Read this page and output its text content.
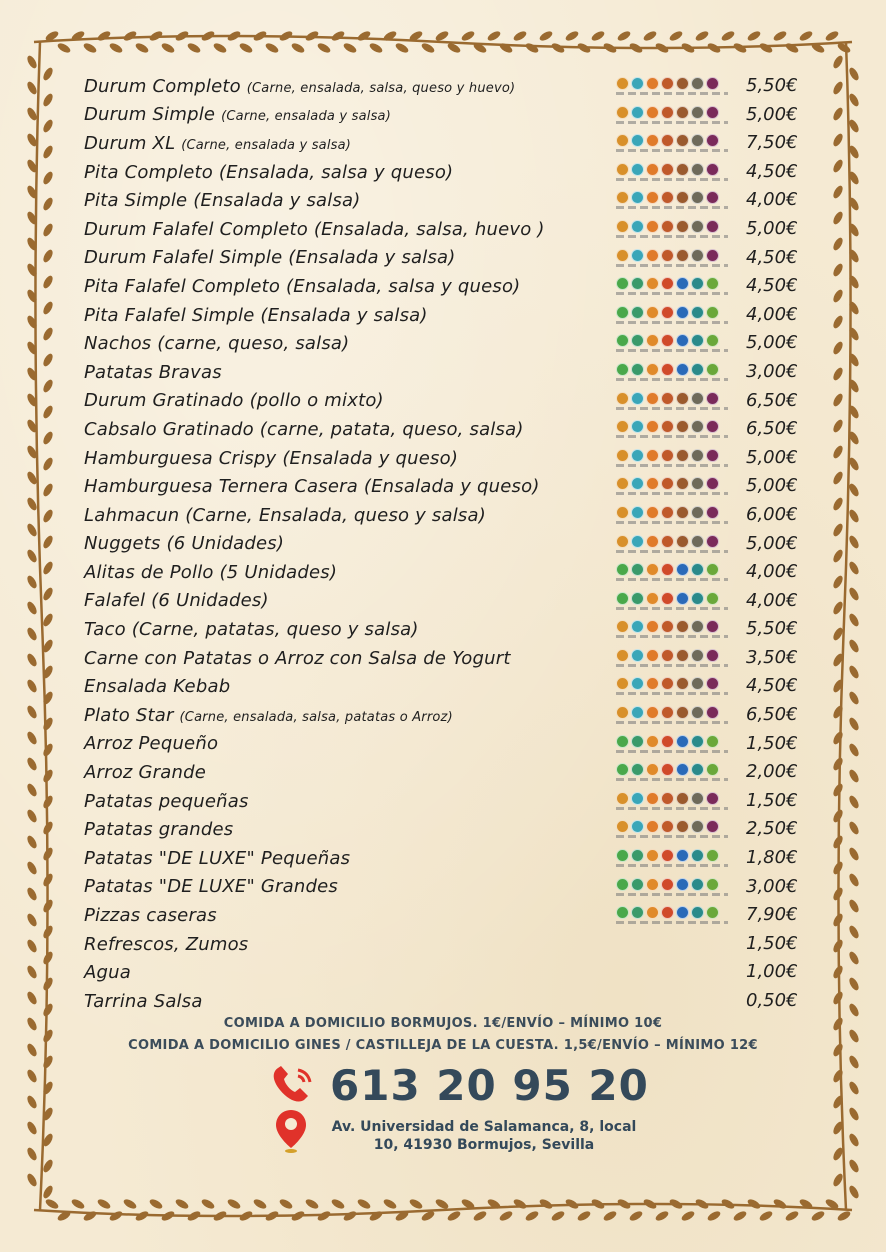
Durum Completo (Carne, ensalada, salsa, queso y huevo)	5,50€
Durum Simple (Carne, ensalada y salsa)	5,00€
Durum XL (Carne, ensalada y salsa)	7,50€
Pita Completo (Ensalada, salsa y queso)	4,50€
Pita Simple (Ensalada y salsa)	4,00€
Durum Falafel Completo (Ensalada, salsa, huevo )	5,00€
Durum Falafel Simple (Ensalada y salsa)	4,50€
Pita Falafel Completo (Ensalada, salsa y queso)	4,50€
Pita Falafel Simple (Ensalada y salsa)	4,00€
Nachos (carne, queso, salsa)	5,00€
Patatas Bravas	3,00€
Durum Gratinado (pollo o mixto)	6,50€
Cabsalo Gratinado (carne, patata, queso, salsa)	6,50€
Hamburguesa Crispy (Ensalada y queso)	5,00€
Hamburguesa Ternera Casera (Ensalada y queso)	5,00€
Lahmacun (Carne, Ensalada, queso y salsa)	6,00€
Nuggets (6 Unidades)	5,00€
Alitas de Pollo (5 Unidades)	4,00€
Falafel (6 Unidades)	4,00€
Taco (Carne, patatas, queso y salsa)	5,50€
Carne con Patatas o Arroz con Salsa de Yogurt	3,50€
Ensalada Kebab	4,50€
Plato Star (Carne, ensalada, salsa, patatas o Arroz)	6,50€
Arroz Pequeño	1,50€
Arroz Grande	2,00€
Patatas pequeñas	1,50€
Patatas grandes	2,50€
Patatas "DE LUXE" Pequeñas	1,80€
Patatas "DE LUXE" Grandes	3,00€
Pizzas caseras	7,90€
Refrescos, Zumos	1,50€
Agua	1,00€
Tarrina Salsa	0,50€
COMIDA A DOMICILIO BORMUJOS. 1€/ENVÍO – MÍNIMO 10€
COMIDA A DOMICILIO GINES / CASTILLEJA DE LA CUESTA. 1,5€/ENVÍO – MÍNIMO 12€
613 20 95 20
Av. Universidad de Salamanca, 8, local
10, 41930 Bormujos, Sevilla
